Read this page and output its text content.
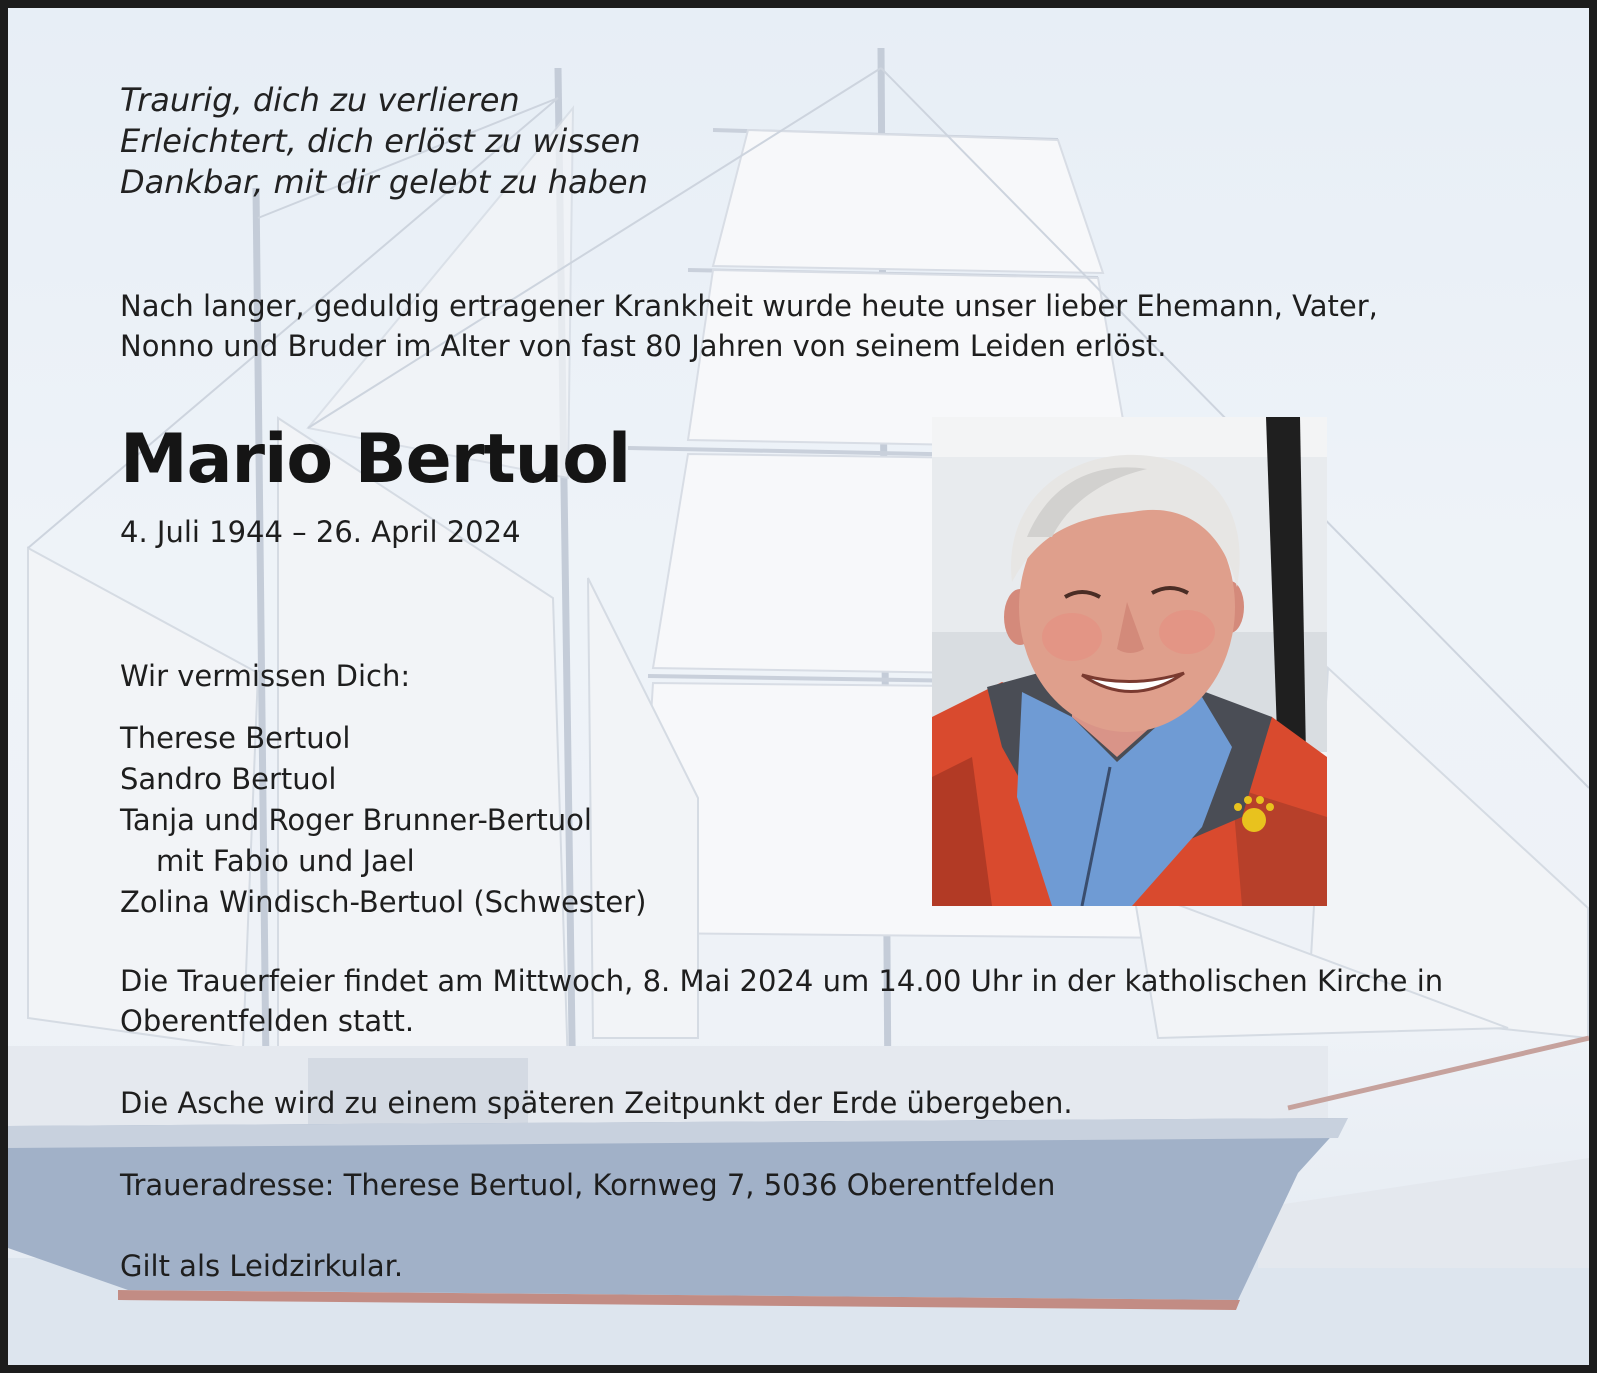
Traurig, dich zu verlieren
Erleichtert, dich erlöst zu wissen
Dankbar, mit dir gelebt zu haben

Nach langer, geduldig ertragener Krankheit wurde heute unser lieber Ehemann, Vater, Nonno und Bruder im Alter von fast 80 Jahren von seinem Leiden erlöst.

Mario Bertuol

4. Juli 1944 – 26. April 2024

Wir vermissen Dich:

Therese Bertuol
Sandro Bertuol
Tanja und Roger Brunner-Bertuol
mit Fabio und Jael
Zolina Windisch-Bertuol (Schwester)

Die Trauerfeier findet am Mittwoch, 8. Mai 2024 um 14.00 Uhr in der katholischen Kirche in Oberentfelden statt.

Die Asche wird zu einem späteren Zeitpunkt der Erde übergeben.

Traueradresse: Therese Bertuol, Kornweg 7, 5036 Oberentfelden

Gilt als Leidzirkular.
